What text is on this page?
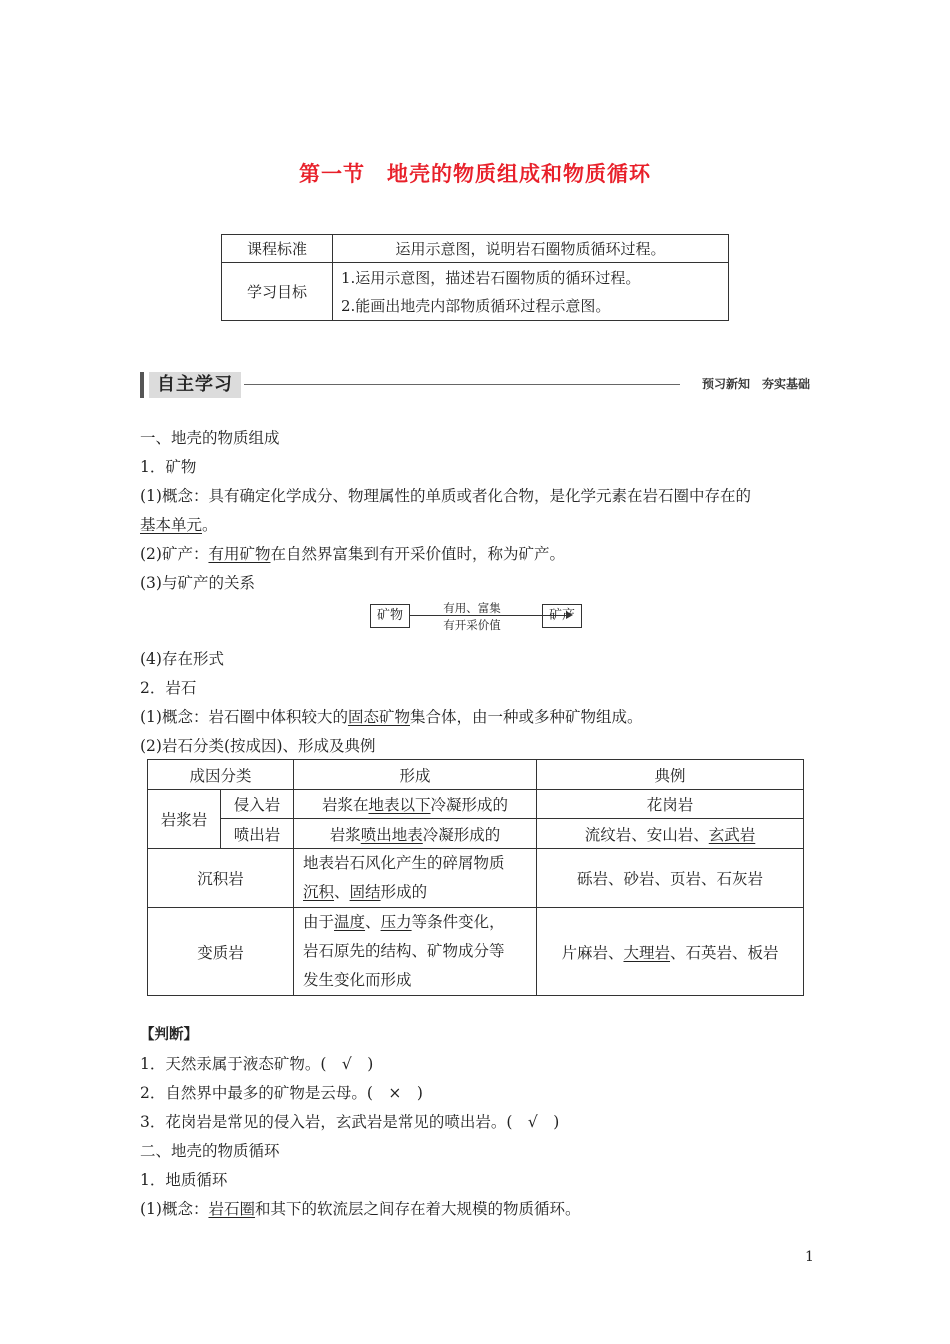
第一节　地壳的物质组成和物质循环
课程标准	运用示意图，说明岩石圈物质循环过程。
学习目标	1.运用示意图，描述岩石圈物质的循环过程。
2.能画出地壳内部物质循环过程示意图。
自主学习	预习新知　夯实基础
一、地壳的物质组成
1．矿物
(1)概念：具有确定化学成分、物理属性的单质或者化合物，是化学元素在岩石圈中存在的
基本单元。
(2)矿产：有用矿物在自然界富集到有开采价值时，称为矿产。
(3)与矿产的关系
矿物	有用、富集
有开采价值
矿产
(4)存在形式
2．岩石
(1)概念：岩石圈中体积较大的固态矿物集合体，由一种或多种矿物组成。
(2)岩石分类(按成因)、形成及典例
成因分类		形成	典例
岩浆岩	侵入岩	岩浆在地表以下冷凝形成的	花岗岩
	喷出岩	岩浆喷出地表冷凝形成的	流纹岩、安山岩、玄武岩
沉积岩		地表岩石风化产生的碎屑物质
沉积、固结形成的	砾岩、砂岩、页岩、石灰岩
变质岩		由于温度、压力等条件变化，
岩石原先的结构、矿物成分等
发生变化而形成	片麻岩、大理岩、石英岩、板岩
【判断】
1．天然汞属于液态矿物。(　√　)
2．自然界中最多的矿物是云母。(　×　)
3．花岗岩是常见的侵入岩，玄武岩是常见的喷出岩。(　√　)
二、地壳的物质循环
1．地质循环
(1)概念：岩石圈和其下的软流层之间存在着大规模的物质循环。
1
